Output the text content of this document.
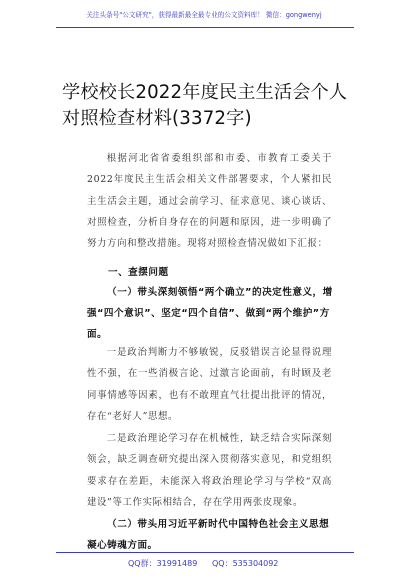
关注头条号"公文研究"，获得最新最全最专业的公文资料库！ 微信：gongwenyj
学校校长2022年度民主生活会个人对照检查材料(3372字)
根据河北省省委组织部和市委、市教育工委关于2022年度民主生活会相关文件部署要求，个人紧扣民主生活会主题，通过会前学习、征求意见、谈心谈话、对照检查，分析自身存在的问题和原因，进一步明确了努力方向和整改措施。现将对照检查情况做如下汇报：
一、查摆问题
（一）带头深刻领悟“两个确立”的决定性意义，增强“四个意识”、坚定“四个自信”、做到“两个维护”方面。
一是政治判断力不够敏锐，反驳错误言论显得说理性不强，在一些消极言论、过激言论面前，有时顾及老同事情感等因素，也有不敢理直气壮提出批评的情况，存在“老好人”思想。
二是政治理论学习存在机械性，缺乏结合实际深刻领会，缺乏调查研究提出深入贯彻落实意见，和党组织要求存在差距，未能深入将政治理论学习与学校“双高建设”等工作实际相结合，存在学用两张皮现象。
（二）带头用习近平新时代中国特色社会主义思想凝心铸魂方面。
QQ群：31991489 QQ：535304092
